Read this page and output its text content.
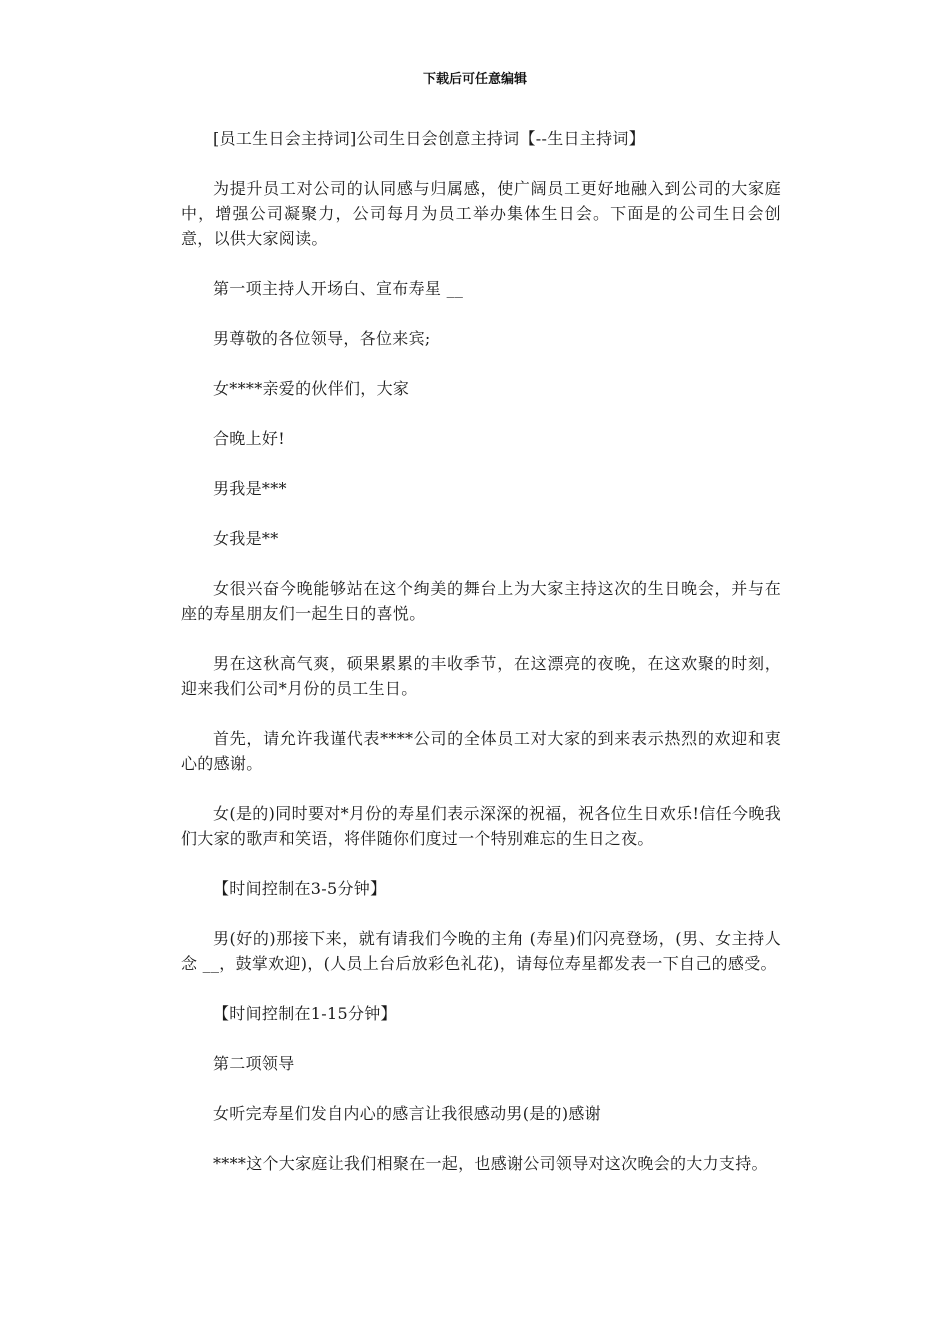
下载后可任意编辑

[员工生日会主持词]公司生日会创意主持词【--生日主持词】

为提升员工对公司的认同感与归属感，使广阔员工更好地融入到公司的大家庭中，增强公司凝聚力，公司每月为员工举办集体生日会。下面是的公司生日会创意，以供大家阅读。

第一项主持人开场白、宣布寿星 __

男尊敬的各位领导，各位来宾;

女****亲爱的伙伴们，大家

合晚上好!

男我是***

女我是**

女很兴奋今晚能够站在这个绚美的舞台上为大家主持这次的生日晚会，并与在座的寿星朋友们一起生日的喜悦。

男在这秋高气爽，硕果累累的丰收季节，在这漂亮的夜晚，在这欢聚的时刻，迎来我们公司*月份的员工生日。

首先，请允许我谨代表****公司的全体员工对大家的到来表示热烈的欢迎和衷心的感谢。

女(是的)同时要对*月份的寿星们表示深深的祝福，祝各位生日欢乐!信任今晚我们大家的歌声和笑语，将伴随你们度过一个特别难忘的生日之夜。

【时间控制在3-5分钟】

男(好的)那接下来，就有请我们今晚的主角 (寿星)们闪亮登场，(男、女主持人念 __，鼓掌欢迎)，(人员上台后放彩色礼花)，请每位寿星都发表一下自己的感受。

【时间控制在1-15分钟】

第二项领导

女听完寿星们发自内心的感言让我很感动男(是的)感谢

****这个大家庭让我们相聚在一起，也感谢公司领导对这次晚会的大力支持。
